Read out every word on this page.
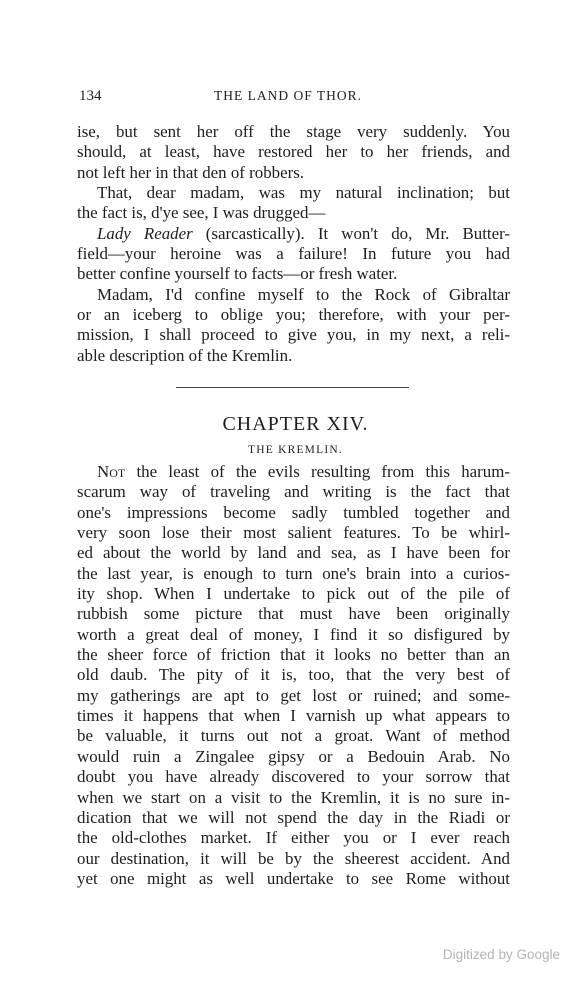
134	THE LAND OF THOR.
ise, but sent her off the stage very suddenly. You
should, at least, have restored her to her friends, and
not left her in that den of robbers.
That, dear madam, was my natural inclination; but
the fact is, d'ye see, I was drugged—
Lady Reader (sarcastically). It won't do, Mr. Butter-
field—your heroine was a failure! In future you had
better confine yourself to facts—or fresh water.
Madam, I'd confine myself to the Rock of Gibraltar
or an iceberg to oblige you; therefore, with your per-
mission, I shall proceed to give you, in my next, a reli-
able description of the Kremlin.
CHAPTER XIV.
THE KREMLIN.
Not the least of the evils resulting from this harum-
scarum way of traveling and writing is the fact that
one's impressions become sadly tumbled together and
very soon lose their most salient features. To be whirl-
ed about the world by land and sea, as I have been for
the last year, is enough to turn one's brain into a curios-
ity shop. When I undertake to pick out of the pile of
rubbish some picture that must have been originally
worth a great deal of money, I find it so disfigured by
the sheer force of friction that it looks no better than an
old daub. The pity of it is, too, that the very best of
my gatherings are apt to get lost or ruined; and some-
times it happens that when I varnish up what appears to
be valuable, it turns out not a groat. Want of method
would ruin a Zingalee gipsy or a Bedouin Arab. No
doubt you have already discovered to your sorrow that
when we start on a visit to the Kremlin, it is no sure in-
dication that we will not spend the day in the Riadi or
the old-clothes market. If either you or I ever reach
our destination, it will be by the sheerest accident. And
yet one might as well undertake to see Rome without
Digitized by Google
